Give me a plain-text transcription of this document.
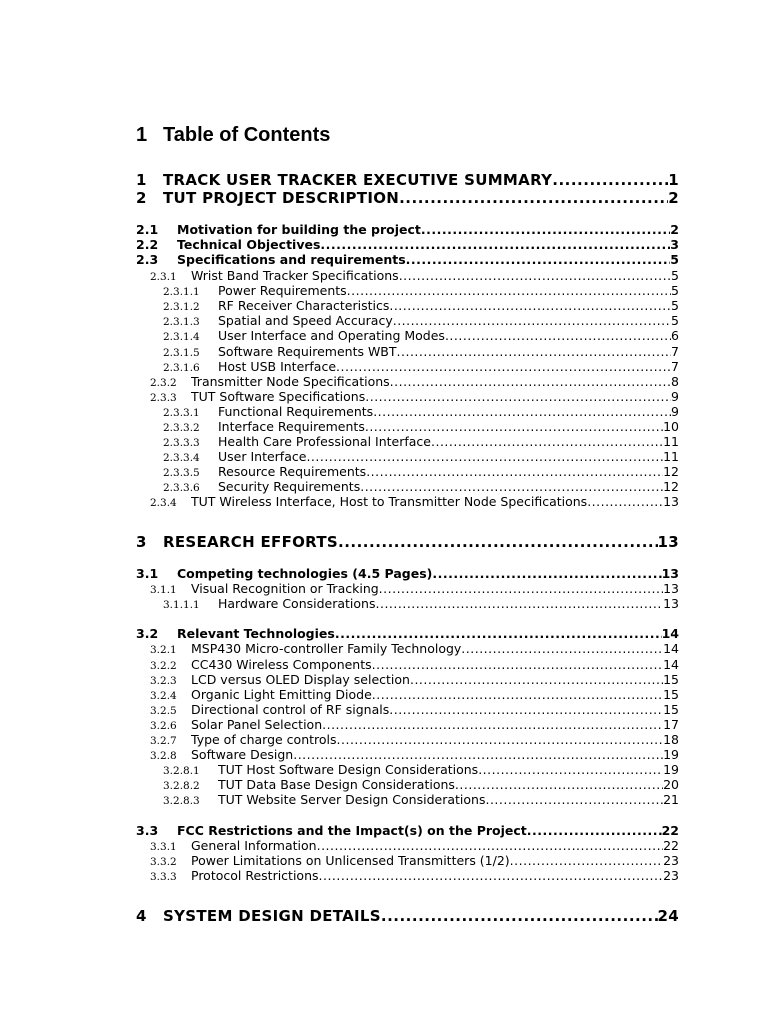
1 Table of Contents
1	TRACK USER TRACKER EXECUTIVE SUMMARY .....	1
2	TUT PROJECT DESCRIPTION .....	2
2.1	Motivation for building the project .....	2
2.2	Technical Objectives .....	3
2.3	Specifications and requirements .....	5
2.3.1	Wrist Band Tracker Specifications .....	5
2.3.1.1	Power Requirements .....	5
2.3.1.2	RF Receiver Characteristics .....	5
2.3.1.3	Spatial and Speed Accuracy .....	5
2.3.1.4	User Interface and Operating Modes .....	6
2.3.1.5	Software Requirements WBT .....	7
2.3.1.6	Host USB Interface .....	7
2.3.2	Transmitter Node Specifications .....	8
2.3.3	TUT Software Specifications .....	9
2.3.3.1	Functional Requirements .....	9
2.3.3.2	Interface Requirements .....	10
2.3.3.3	Health Care Professional Interface .....	11
2.3.3.4	User Interface .....	11
2.3.3.5	Resource Requirements .....	12
2.3.3.6	Security Requirements .....	12
2.3.4	TUT Wireless Interface, Host to Transmitter Node Specifications .....	13
3	RESEARCH EFFORTS .....	13
3.1	Competing technologies (4.5 Pages) .....	13
3.1.1	Visual Recognition or Tracking .....	13
3.1.1.1	Hardware Considerations .....	13
3.2	Relevant Technologies .....	14
3.2.1	MSP430 Micro-controller Family Technology .....	14
3.2.2	CC430 Wireless Components .....	14
3.2.3	LCD versus OLED Display selection .....	15
3.2.4	Organic Light Emitting Diode .....	15
3.2.5	Directional control of RF signals .....	15
3.2.6	Solar Panel Selection .....	17
3.2.7	Type of charge controls .....	18
3.2.8	Software Design .....	19
3.2.8.1	TUT Host Software Design Considerations .....	19
3.2.8.2	TUT Data Base Design Considerations .....	20
3.2.8.3	TUT Website Server Design Considerations .....	21
3.3	FCC Restrictions and the Impact(s) on the Project .....	22
3.3.1	General Information .....	22
3.3.2	Power Limitations on Unlicensed Transmitters (1/2) .....	23
3.3.3	Protocol Restrictions .....	23
4	SYSTEM DESIGN DETAILS .....	24
